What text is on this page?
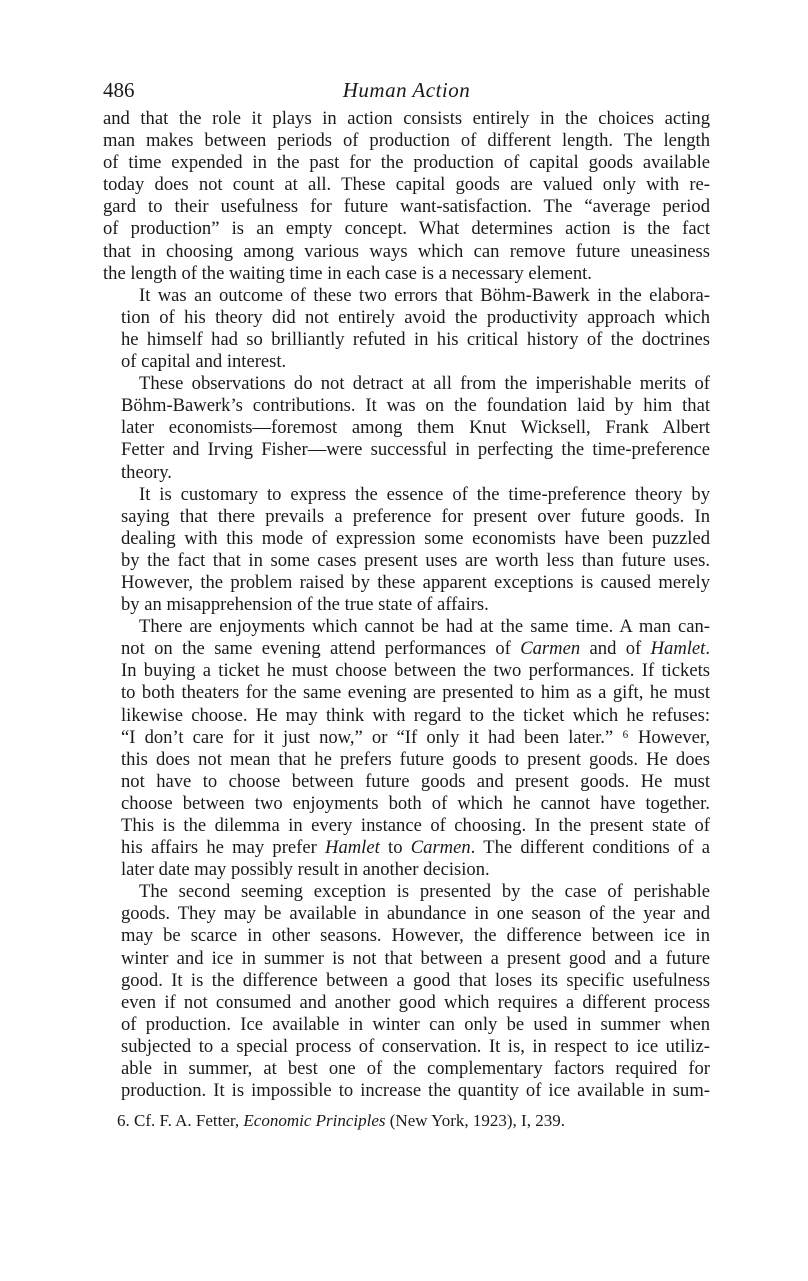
486	Human Action

and that the role it plays in action consists entirely in the choices acting
man makes between periods of production of different length. The length
of time expended in the past for the production of capital goods available
today does not count at all. These capital goods are valued only with re-
gard to their usefulness for future want-satisfaction. The “average period
of production” is an empty concept. What determines action is the fact
that in choosing among various ways which can remove future uneasiness
the length of the waiting time in each case is a necessary element.

It was an outcome of these two errors that Böhm-Bawerk in the elabora-
tion of his theory did not entirely avoid the productivity approach which
he himself had so brilliantly refuted in his critical history of the doctrines
of capital and interest.

These observations do not detract at all from the imperishable merits of
Böhm-Bawerk’s contributions. It was on the foundation laid by him that
later economists—foremost among them Knut Wicksell, Frank Albert
Fetter and Irving Fisher—were successful in perfecting the time-preference
theory.

It is customary to express the essence of the time-preference theory by
saying that there prevails a preference for present over future goods. In
dealing with this mode of expression some economists have been puzzled
by the fact that in some cases present uses are worth less than future uses.
However, the problem raised by these apparent exceptions is caused merely
by an misapprehension of the true state of affairs.

There are enjoyments which cannot be had at the same time. A man can-
not on the same evening attend performances of Carmen and of Hamlet.
In buying a ticket he must choose between the two performances. If tickets
to both theaters for the same evening are presented to him as a gift, he must
likewise choose. He may think with regard to the ticket which he refuses:
“I don’t care for it just now,” or “If only it had been later.” ⁶ However,
this does not mean that he prefers future goods to present goods. He does
not have to choose between future goods and present goods. He must
choose between two enjoyments both of which he cannot have together.
This is the dilemma in every instance of choosing. In the present state of
his affairs he may prefer Hamlet to Carmen. The different conditions of a
later date may possibly result in another decision.

The second seeming exception is presented by the case of perishable
goods. They may be available in abundance in one season of the year and
may be scarce in other seasons. However, the difference between ice in
winter and ice in summer is not that between a present good and a future
good. It is the difference between a good that loses its specific usefulness
even if not consumed and another good which requires a different process
of production. Ice available in winter can only be used in summer when
subjected to a special process of conservation. It is, in respect to ice utiliz-
able in summer, at best one of the complementary factors required for
production. It is impossible to increase the quantity of ice available in sum-

6. Cf. F. A. Fetter, Economic Principles (New York, 1923), I, 239.
